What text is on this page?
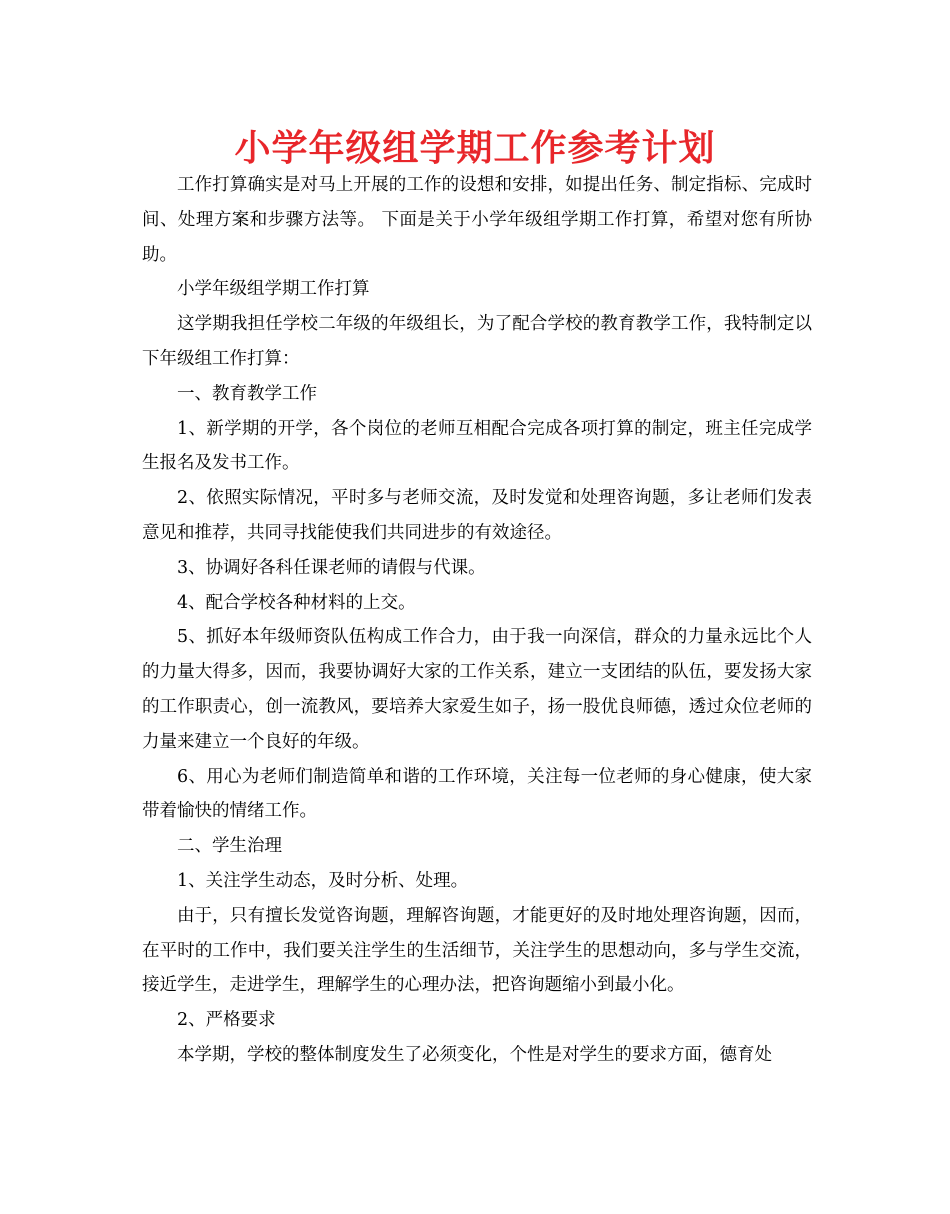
小学年级组学期工作参考计划

工作打算确实是对马上开展的工作的设想和安排，如提出任务、制定指标、完成时间、处理方案和步骤方法等。 下面是关于小学年级组学期工作打算，希望对您有所协助。

小学年级组学期工作打算

这学期我担任学校二年级的年级组长，为了配合学校的教育教学工作，我特制定以下年级组工作打算：

一、教育教学工作

1、新学期的开学，各个岗位的老师互相配合完成各项打算的制定，班主任完成学生报名及发书工作。

2、依照实际情况，平时多与老师交流，及时发觉和处理咨询题，多让老师们发表意见和推荐，共同寻找能使我们共同进步的有效途径。

3、协调好各科任课老师的请假与代课。

4、配合学校各种材料的上交。

5、抓好本年级师资队伍构成工作合力，由于我一向深信，群众的力量永远比个人的力量大得多，因而，我要协调好大家的工作关系，建立一支团结的队伍，要发扬大家的工作职责心，创一流教风，要培养大家爱生如子，扬一股优良师德，透过众位老师的力量来建立一个良好的年级。

6、用心为老师们制造简单和谐的工作环境，关注每一位老师的身心健康，使大家带着愉快的情绪工作。

二、学生治理

1、关注学生动态，及时分析、处理。

由于，只有擅长发觉咨询题，理解咨询题，才能更好的及时地处理咨询题，因而，在平时的工作中，我们要关注学生的生活细节，关注学生的思想动向，多与学生交流，接近学生，走进学生，理解学生的心理办法，把咨询题缩小到最小化。

2、严格要求

本学期，学校的整体制度发生了必须变化，个性是对学生的要求方面，德育处
